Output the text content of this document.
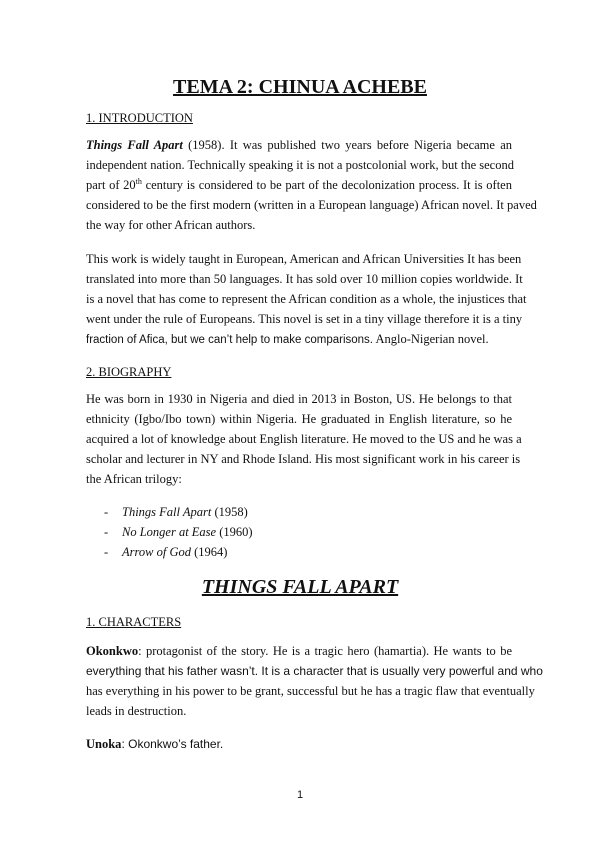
TEMA 2: CHINUA ACHEBE

1. INTRODUCTION

Things Fall Apart (1958). It was published two years before Nigeria became an
independent nation. Technically speaking it is not a postcolonial work, but the second
part of 20th century is considered to be part of the decolonization process. It is often
considered to be the first modern (written in a European language) African novel. It paved
the way for other African authors.
This work is widely taught in European, American and African Universities It has been
translated into more than 50 languages. It has sold over 10 million copies worldwide. It
is a novel that has come to represent the African condition as a whole, the injustices that
went under the rule of Europeans. This novel is set in a tiny village therefore it is a tiny
fraction of Afica, but we can’t help to make comparisons. Anglo-Nigerian novel.

2. BIOGRAPHY

He was born in 1930 in Nigeria and died in 2013 in Boston, US. He belongs to that
ethnicity (Igbo/Ibo town) within Nigeria. He graduated in English literature, so he
acquired a lot of knowledge about English literature. He moved to the US and he was a
scholar and lecturer in NY and Rhode Island. His most significant work in his career is
the African trilogy:
- Things Fall Apart (1958)
- No Longer at Ease (1960)
- Arrow of God (1964)
THINGS FALL APART

1. CHARACTERS

Okonkwo: protagonist of the story. He is a tragic hero (hamartia). He wants to be
everything that his father wasn’t. It is a character that is usually very powerful and who
has everything in his power to be grant, successful but he has a tragic flaw that eventually
leads in destruction.
Unoka: Okonkwo’s father.
1
